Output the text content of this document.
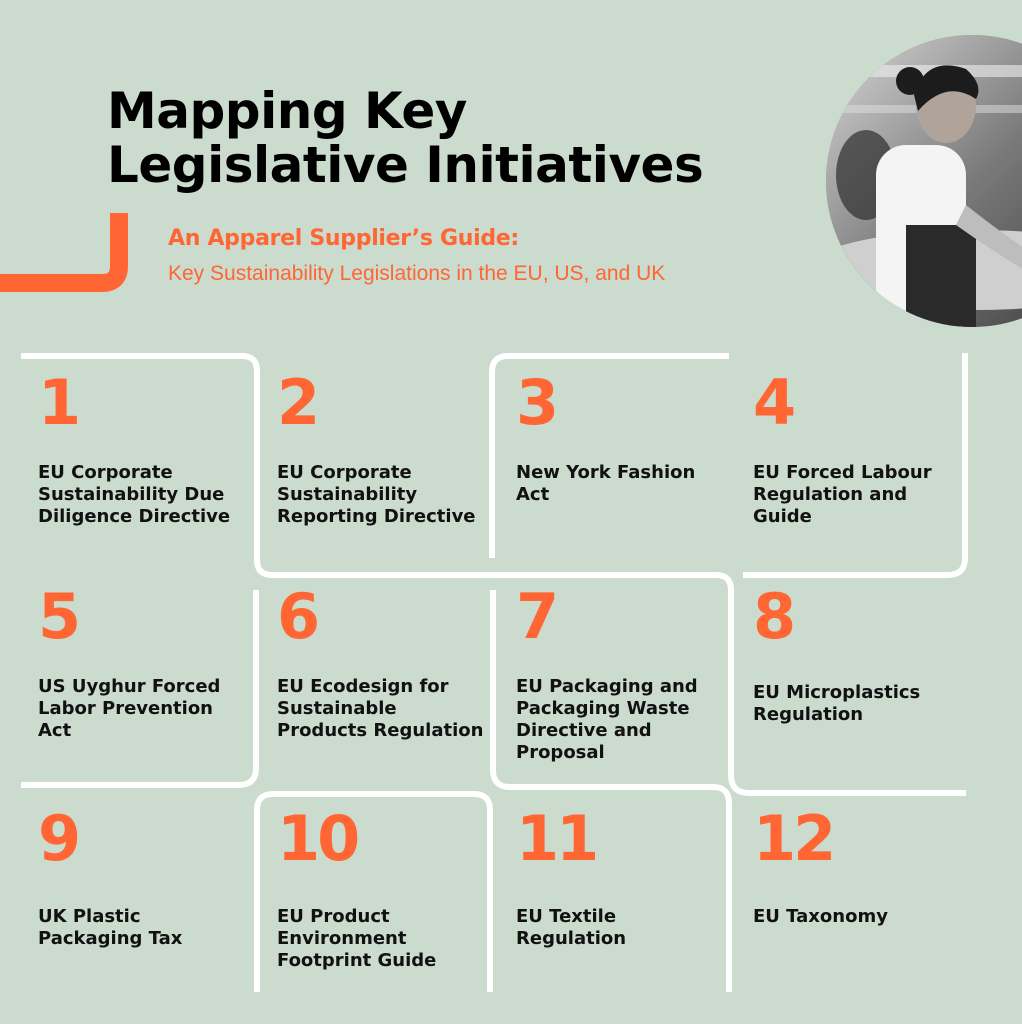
Mapping Key
Legislative Initiatives
An Apparel Supplier’s Guide:
Key Sustainability Legislations in the EU, US, and UK
1
EU Corporate Sustainability Due Diligence Directive
2
EU Corporate Sustainability Reporting Directive
3
New York Fashion Act
4
EU Forced Labour Regulation and Guide
5
US Uyghur Forced Labor Prevention Act
6
EU Ecodesign for Sustainable Products Regulation
7
EU Packaging and Packaging Waste Directive and Proposal
8
EU Microplastics Regulation
9
UK Plastic Packaging Tax
10
EU Product Environment Footprint Guide
11
EU Textile Regulation
12
EU Taxonomy
